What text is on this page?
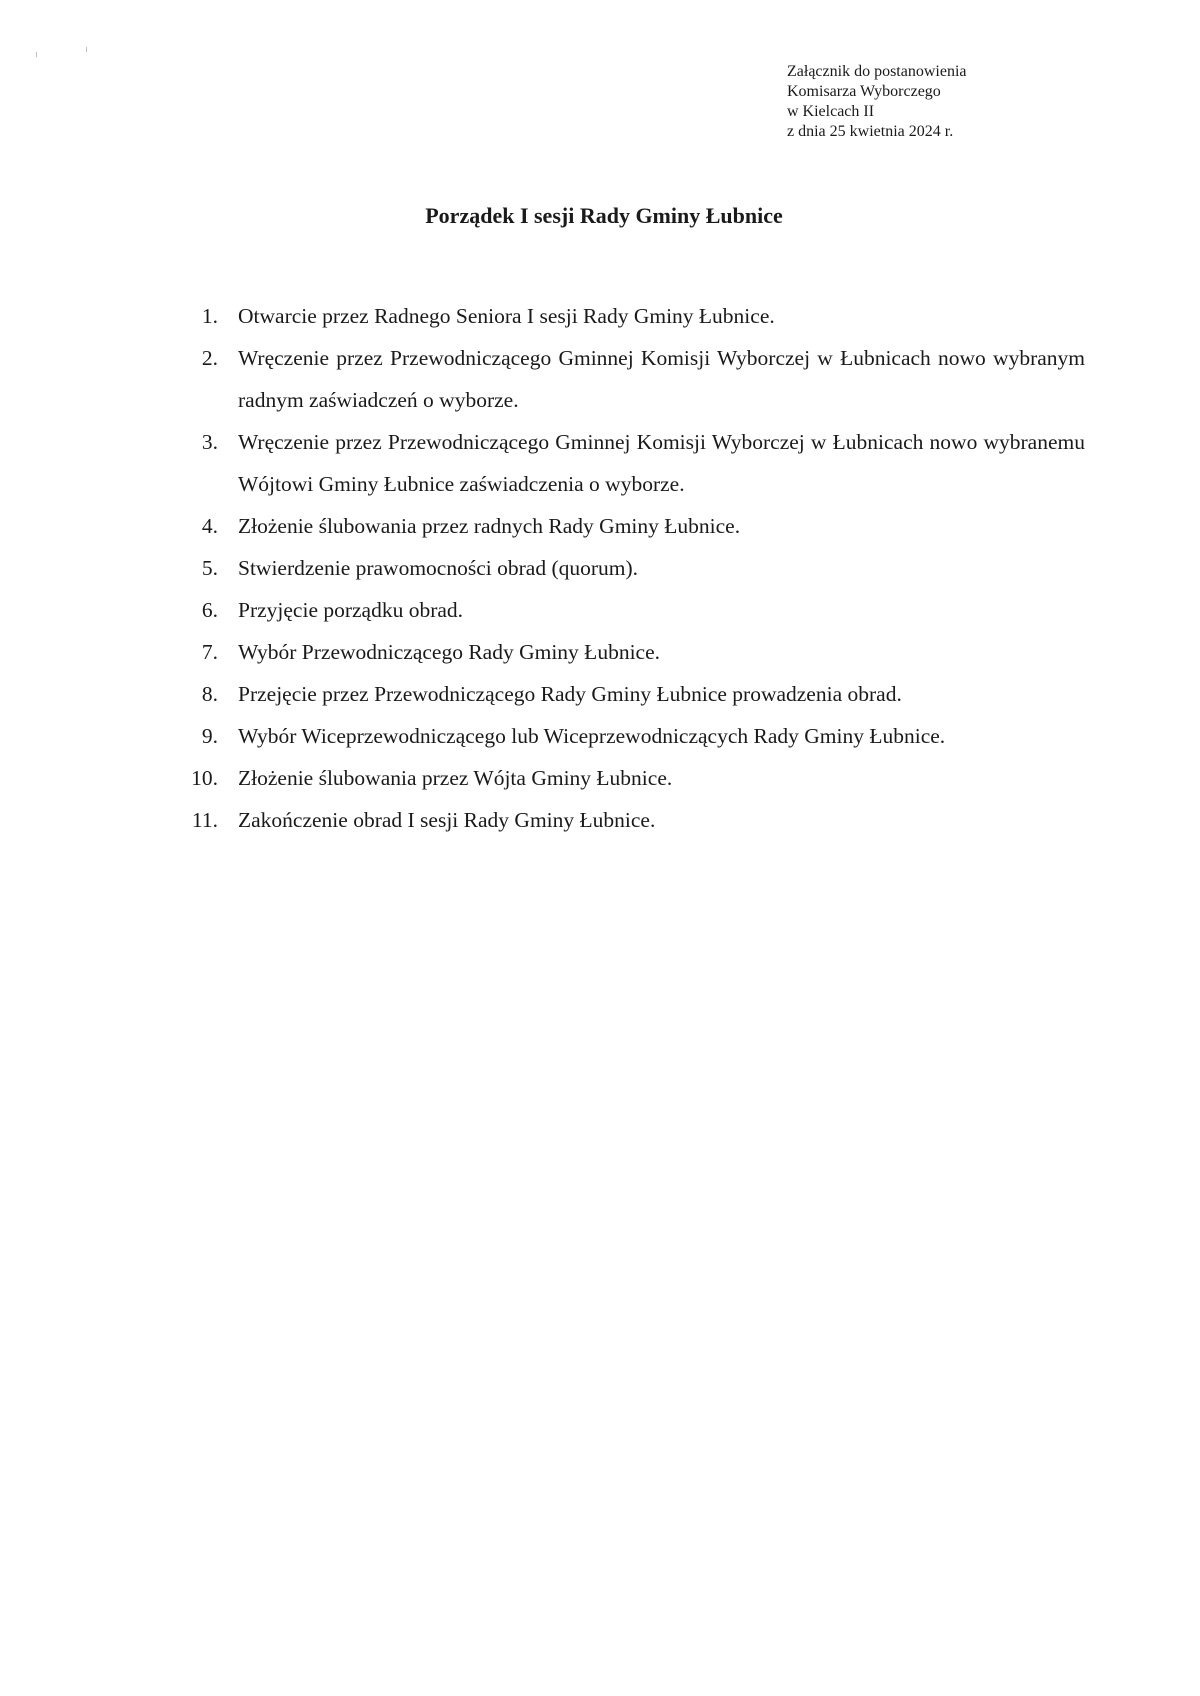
Załącznik do postanowienia
Komisarza Wyborczego
w Kielcach II
z dnia 25 kwietnia 2024 r.
Porządek I sesji Rady Gminy Łubnice
1. Otwarcie przez Radnego Seniora I sesji Rady Gminy Łubnice.
2. Wręczenie przez Przewodniczącego Gminnej Komisji Wyborczej w Łubnicach nowo wybranym radnym zaświadczeń o wyborze.
3. Wręczenie przez Przewodniczącego Gminnej Komisji Wyborczej w Łubnicach nowo wybranemu Wójtowi Gminy Łubnice zaświadczenia o wyborze.
4. Złożenie ślubowania przez radnych Rady Gminy Łubnice.
5. Stwierdzenie prawomocności obrad (quorum).
6. Przyjęcie porządku obrad.
7. Wybór Przewodniczącego Rady Gminy Łubnice.
8. Przejęcie przez Przewodniczącego Rady Gminy Łubnice prowadzenia obrad.
9. Wybór Wiceprzewodniczącego lub Wiceprzewodniczących Rady Gminy Łubnice.
10. Złożenie ślubowania przez Wójta Gminy Łubnice.
11. Zakończenie obrad I sesji Rady Gminy Łubnice.
